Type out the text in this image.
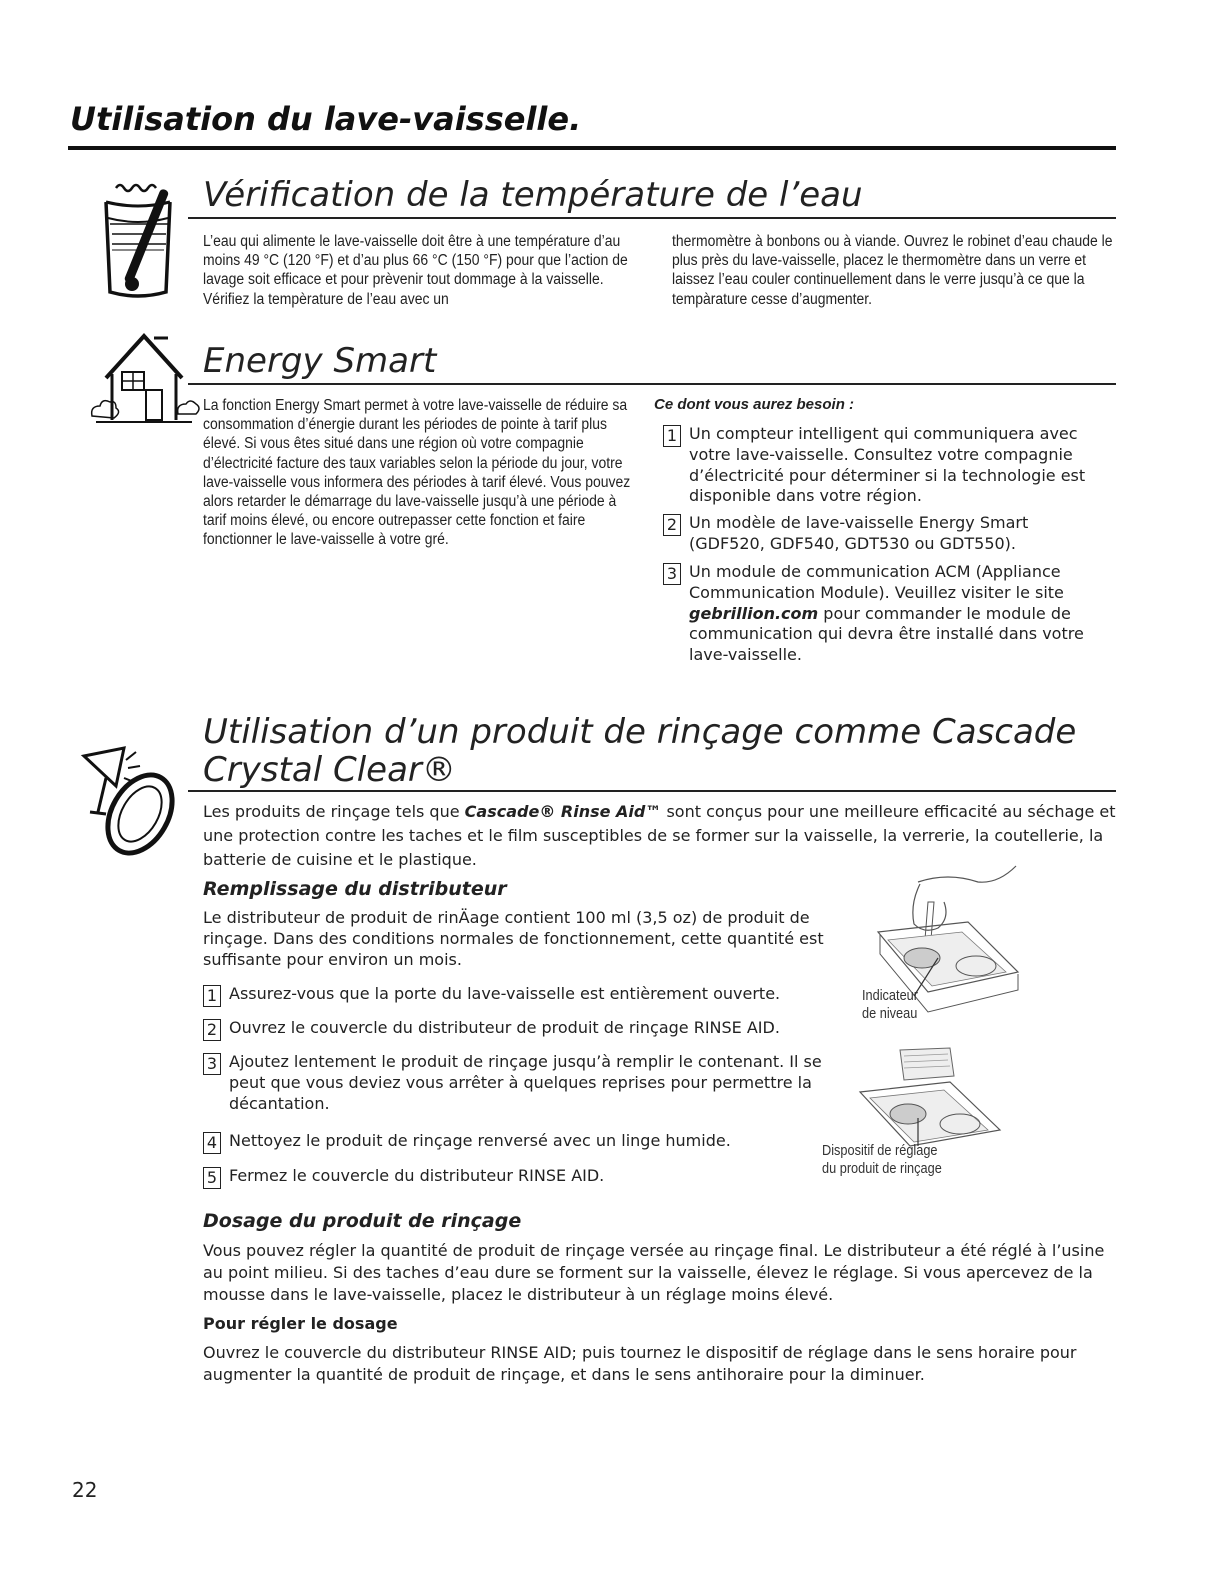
Utilisation du lave-vaisselle.
Vérification de la température de l’eau

L’eau qui alimente le lave-vaisselle doit être à une température d’au moins 49 °C (120 °F) et d’au plus 66 °C (150 °F) pour que l’action de lavage soit efficace et pour prèvenir tout dommage à la vaisselle. Vérifiez la tempèrature de l’eau avec un

thermomètre à bonbons ou à viande. Ouvrez le robinet d’eau chaude le plus près du lave-vaisselle, placez le thermomètre dans un verre et laissez l’eau couler continuellement dans le verre jusqu’à ce que la tempàrature cesse d’augmenter.

Energy Smart

La fonction Energy Smart permet à votre lave-vaisselle de réduire sa consommation d’énergie durant les périodes de pointe à tarif plus élevé. Si vous êtes situé dans une région où votre compagnie d’électricité facture des taux variables selon la période du jour, votre lave-vaisselle vous informera des périodes à tarif élevé. Vous pouvez alors retarder le démarrage du lave-vaisselle jusqu’à une période à tarif moins élevé, ou encore outrepasser cette fonction et faire fonctionner le lave-vaisselle à votre gré.

Ce dont vous aurez besoin :
1 Un compteur intelligent qui communiquera avec votre lave-vaisselle. Consultez votre compagnie d’électricité pour déterminer si la technologie est disponible dans votre région.
2 Un modèle de lave-vaisselle Energy Smart (GDF520, GDF540, GDT530 ou GDT550).
3 Un module de communication ACM (Appliance Communication Module). Veuillez visiter le site gebrillion.com pour commander le module de communication qui devra être installé dans votre lave-vaisselle.
Utilisation d’un produit de rinçage comme Cascade
Crystal Clear®
Les produits de rinçage tels que Cascade® Rinse Aid™ sont conçus pour une meilleure efficacité au séchage et une protection contre les taches et le film susceptibles de se former sur la vaisselle, la verrerie, la coutellerie, la batterie de cuisine et le plastique.
Remplissage du distributeur
Le distributeur de produit de rinÄage contient 100 ml (3,5 oz) de produit de rinçage. Dans des conditions normales de fonctionnement, cette quantité est suffisante pour environ un mois.
1 Assurez-vous que la porte du lave-vaisselle est entièrement ouverte.
2 Ouvrez le couvercle du distributeur de produit de rinçage RINSE AID.
3 Ajoutez lentement le produit de rinçage jusqu’à remplir le contenant. Il se peut que vous deviez vous arrêter à quelques reprises pour permettre la décantation.
4 Nettoyez le produit de rinçage renversé avec un linge humide.
5 Fermez le couvercle du distributeur RINSE AID.
Indicateur
de niveau
Dispositif de réglage
du produit de rinçage
Dosage du produit de rinçage
Vous pouvez régler la quantité de produit de rinçage versée au rinçage final. Le distributeur a été réglé à l’usine au point milieu. Si des taches d’eau dure se forment sur la vaisselle, élevez le réglage. Si vous apercevez de la mousse dans le lave-vaisselle, placez le distributeur à un réglage moins élevé.
Pour régler le dosage
Ouvrez le couvercle du distributeur RINSE AID; puis tournez le dispositif de réglage dans le sens horaire pour augmenter la quantité de produit de rinçage, et dans le sens antihoraire pour la diminuer.
22
